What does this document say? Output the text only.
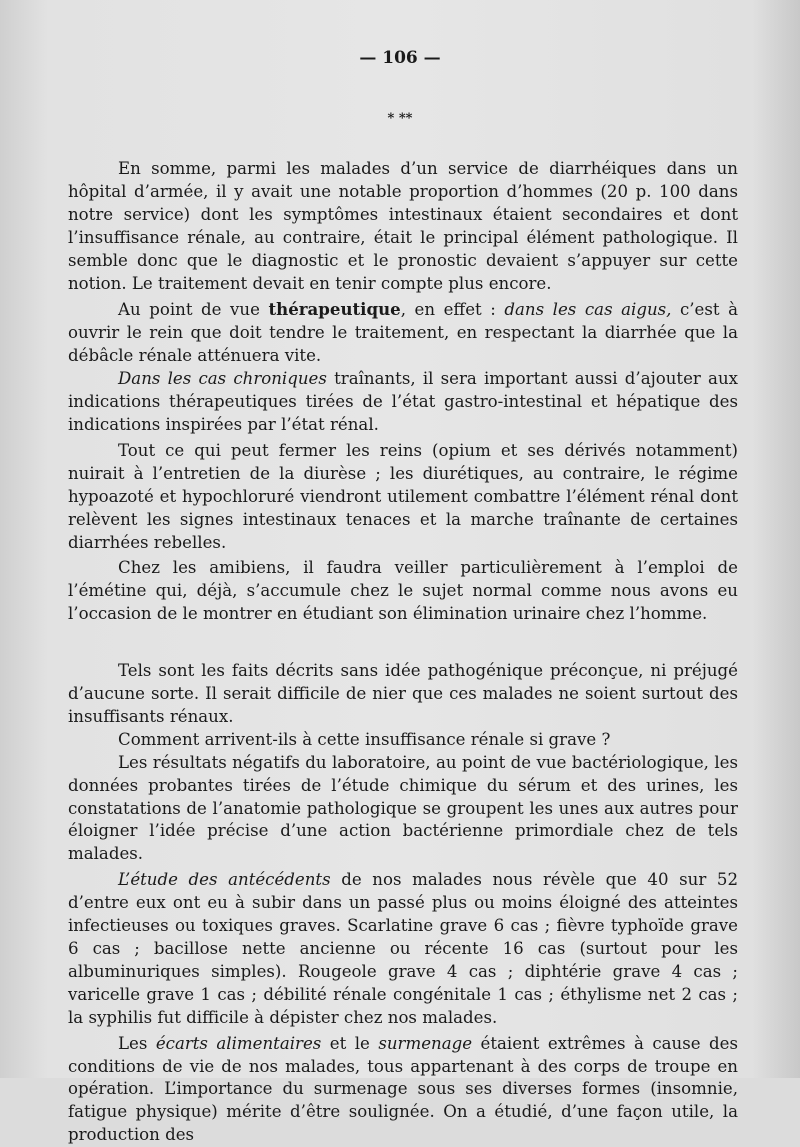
— 106 —
* **

En somme, parmi les malades d’un service de diarrhéiques dans un hôpital d’armée, il y avait une notable proportion d’hommes (20 p. 100 dans notre service) dont les symptômes intestinaux étaient secondaires et dont l’insuffisance rénale, au contraire, était le principal élément pathologique. Il semble donc que le diagnostic et le pronostic devaient s’appuyer sur cette notion. Le traitement devait en tenir compte plus encore.

Au point de vue thérapeutique, en effet : dans les cas aigus, c’est à ouvrir le rein que doit tendre le traitement, en respectant la diarrhée que la débâcle rénale atténuera vite.

Dans les cas chroniques traînants, il sera important aussi d’ajouter aux indications thérapeutiques tirées de l’état gastro-intestinal et hépatique des indications inspirées par l’état rénal.

Tout ce qui peut fermer les reins (opium et ses dérivés notamment) nuirait à l’entretien de la diurèse ; les diurétiques, au contraire, le régime hypoazoté et hypochloruré viendront utilement combattre l’élément rénal dont relèvent les signes intestinaux tenaces et la marche traînante de certaines diarrhées rebelles.

Chez les amibiens, il faudra veiller particulièrement à l’emploi de l’émétine qui, déjà, s’accumule chez le sujet normal comme nous avons eu l’occasion de le montrer en étudiant son élimination urinaire chez l’homme.

Tels sont les faits décrits sans idée pathogénique préconçue, ni préjugé d’aucune sorte. Il serait difficile de nier que ces malades ne soient surtout des insuffisants rénaux.

Comment arrivent-ils à cette insuffisance rénale si grave ?

Les résultats négatifs du laboratoire, au point de vue bactériologique, les données probantes tirées de l’étude chimique du sérum et des urines, les constatations de l’anatomie pathologique se groupent les unes aux autres pour éloigner l’idée précise d’une action bactérienne primordiale chez de tels malades.

L’étude des antécédents de nos malades nous révèle que 40 sur 52 d’entre eux ont eu à subir dans un passé plus ou moins éloigné des atteintes infectieuses ou toxiques graves. Scarlatine grave 6 cas ; fièvre typhoïde grave 6 cas ; bacillose nette ancienne ou récente 16 cas (surtout pour les albuminuriques simples). Rougeole grave 4 cas ; diphtérie grave 4 cas ; varicelle grave 1 cas ; débilité rénale congénitale 1 cas ; éthylisme net 2 cas ; la syphilis fut difficile à dépister chez nos malades.

Les écarts alimentaires et le surmenage étaient extrêmes à cause des conditions de vie de nos malades, tous appartenant à des corps de troupe en opération. L’importance du surmenage sous ses diverses formes (insomnie, fatigue physique) mérite d’être soulignée. On a étudié, d’une façon utile, la production des
